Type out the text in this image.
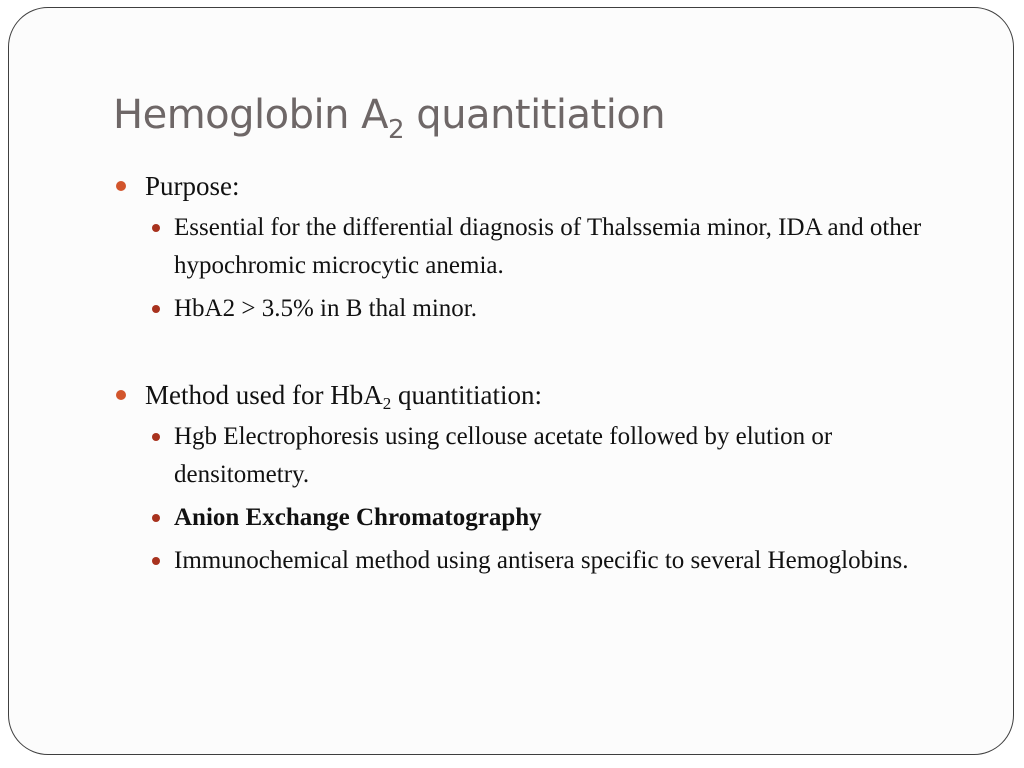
Hemoglobin $A_2$ quantitiation
Purpose:
Essential for the differential diagnosis of Thalssemia minor, IDA and other hypochromic microcytic anemia.
HbA2 > 3.5% in B thal minor.
Method used for HbA$_2$ quantitiation:
Hgb Electrophoresis using cellouse acetate followed by elution or densitometry.
Anion Exchange Chromatography
Immunochemical method using antisera specific to several Hemoglobins.
